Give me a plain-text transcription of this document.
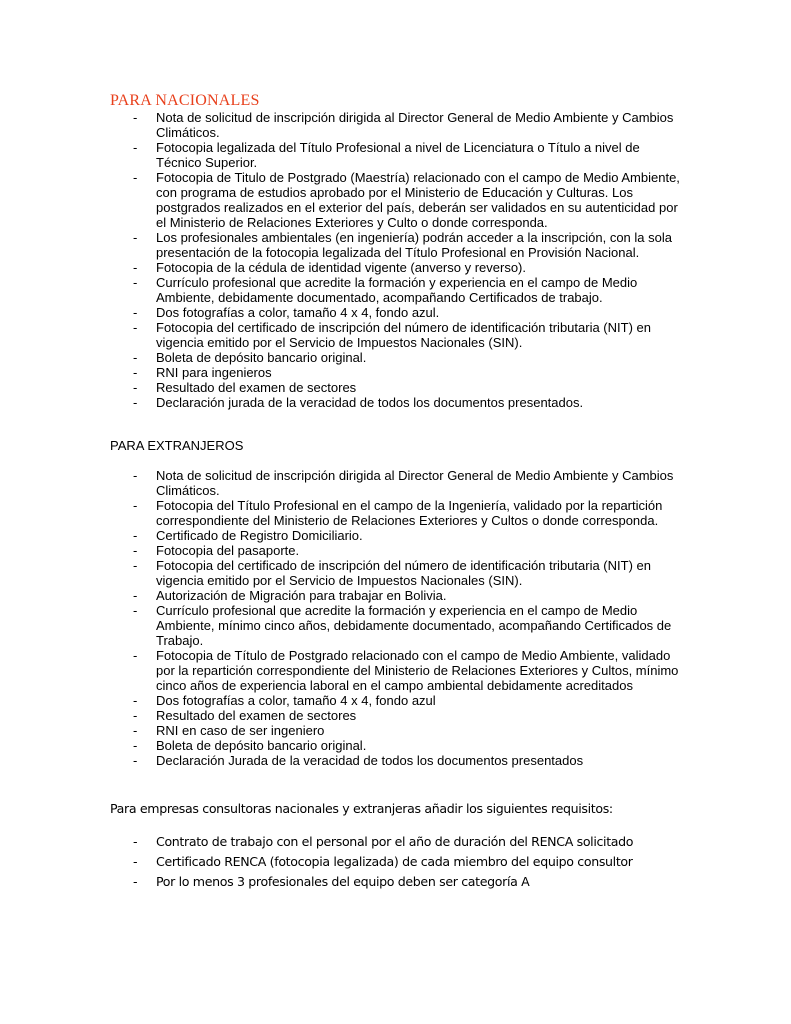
PARA NACIONALES
- Nota de solicitud de inscripción dirigida al Director General de Medio Ambiente y Cambios Climáticos.
- Fotocopia legalizada del Título Profesional a nivel de Licenciatura o Título a nivel de Técnico Superior.
- Fotocopia de Titulo de Postgrado (Maestría) relacionado con el campo de Medio Ambiente, con programa de estudios aprobado por el Ministerio de Educación y Culturas. Los postgrados realizados en el exterior del país, deberán ser validados en su autenticidad por el Ministerio de Relaciones Exteriores y Culto o donde corresponda.
- Los profesionales ambientales (en ingeniería) podrán acceder a la inscripción, con la sola presentación de la fotocopia legalizada del Título Profesional en Provisión Nacional.
- Fotocopia de la cédula de identidad vigente (anverso y reverso).
- Currículo profesional que acredite la formación y experiencia en el campo de Medio Ambiente, debidamente documentado, acompañando Certificados de trabajo.
- Dos fotografías a color, tamaño 4 x 4, fondo azul.
- Fotocopia del certificado de inscripción del número de identificación tributaria (NIT) en vigencia emitido por el Servicio de Impuestos Nacionales (SIN).
- Boleta de depósito bancario original.
- RNI para ingenieros
- Resultado del examen de sectores
- Declaración jurada de la veracidad de todos los documentos presentados.
PARA EXTRANJEROS
- Nota de solicitud de inscripción dirigida al Director General de Medio Ambiente y Cambios Climáticos.
- Fotocopia del Título Profesional en el campo de la Ingeniería, validado por la repartición correspondiente del Ministerio de Relaciones Exteriores y Cultos o donde corresponda.
- Certificado de Registro Domiciliario.
- Fotocopia del pasaporte.
- Fotocopia del certificado de inscripción del número de identificación tributaria (NIT) en vigencia emitido por el Servicio de Impuestos Nacionales (SIN).
- Autorización de Migración para trabajar en Bolivia.
- Currículo profesional que acredite la formación y experiencia en el campo de Medio Ambiente, mínimo cinco años, debidamente documentado, acompañando Certificados de Trabajo.
- Fotocopia de Título de Postgrado relacionado con el campo de Medio Ambiente, validado por la repartición correspondiente del Ministerio de Relaciones Exteriores y Cultos, mínimo cinco años de experiencia laboral en el campo ambiental debidamente acreditados
- Dos fotografías a color, tamaño 4 x 4, fondo azul
- Resultado del examen de sectores
- RNI en caso de ser ingeniero
- Boleta de depósito bancario original.
- Declaración Jurada de la veracidad de todos los documentos presentados
Para empresas consultoras nacionales y extranjeras añadir los siguientes requisitos:
- Contrato de trabajo con el personal por el año de duración del RENCA solicitado
- Certificado RENCA (fotocopia legalizada) de cada miembro del equipo consultor
- Por lo menos 3 profesionales del equipo deben ser categoría A
